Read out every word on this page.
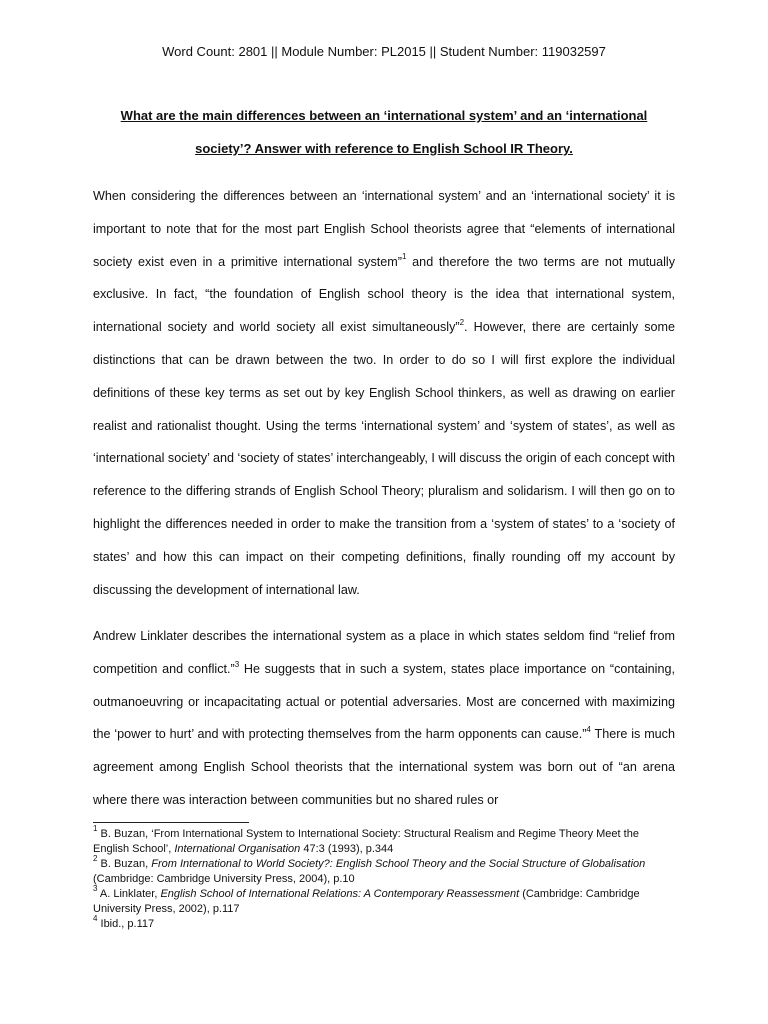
Word Count: 2801 || Module Number: PL2015 || Student Number: 119032597
What are the main differences between an ‘international system’ and an ‘international society’? Answer with reference to English School IR Theory.
When considering the differences between an ‘international system’ and an ‘international society’ it is important to note that for the most part English School theorists agree that “elements of international society exist even in a primitive international system”$^1$ and therefore the two terms are not mutually exclusive. In fact, “the foundation of English school theory is the idea that international system, international society and world society all exist simultaneously”$^2$. However, there are certainly some distinctions that can be drawn between the two. In order to do so I will first explore the individual definitions of these key terms as set out by key English School thinkers, as well as drawing on earlier realist and rationalist thought. Using the terms ‘international system’ and ‘system of states’, as well as ‘international society’ and ‘society of states’ interchangeably, I will discuss the origin of each concept with reference to the differing strands of English School Theory; pluralism and solidarism. I will then go on to highlight the differences needed in order to make the transition from a ‘system of states’ to a ‘society of states’ and how this can impact on their competing definitions, finally rounding off my account by discussing the development of international law.
Andrew Linklater describes the international system as a place in which states seldom find “relief from competition and conflict.”$^3$ He suggests that in such a system, states place importance on “containing, outmanoeuvring or incapacitating actual or potential adversaries. Most are concerned with maximizing the ‘power to hurt’ and with protecting themselves from the harm opponents can cause.”$^4$ There is much agreement among English School theorists that the international system was born out of “an arena where there was interaction between communities but no shared rules or

$^1$ B. Buzan, ‘From International System to International Society: Structural Realism and Regime Theory Meet the English School’, International Organisation 47:3 (1993), p.344

$^2$ B. Buzan, From International to World Society?: English School Theory and the Social Structure of Globalisation (Cambridge: Cambridge University Press, 2004), p.10

$^3$ A. Linklater, English School of International Relations: A Contemporary Reassessment (Cambridge: Cambridge University Press, 2002), p.117

$^4$ Ibid., p.117
